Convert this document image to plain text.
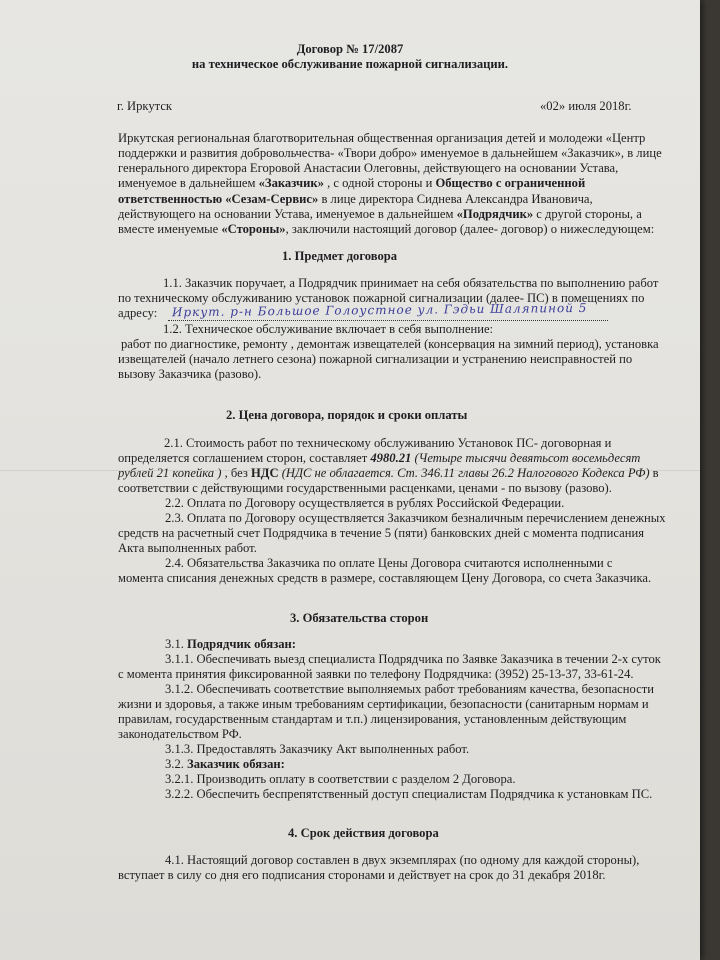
Договор № 17/2087
на техническое обслуживание пожарной сигнализации.
г. Иркутск	«02» июля 2018г.
Иркутская региональная благотворительная общественная организация детей и молодежи «Центр
поддержки и развития добровольчества- «Твори добро» именуемое в дальнейшем «Заказчик», в лице
генерального директора Егоровой Анастасии Олеговны, действующего на основании Устава,
именуемое в дальнейшем «Заказчик» , с одной стороны и Общество с ограниченной
ответственностью «Сезам-Сервис» в лице директора Сиднева Александра Ивановича,
действующего на основании Устава, именуемое в дальнейшем «Подрядчик» с другой стороны, а
вместе именуемые «Стороны», заключили настоящий договор (далее- договор) о нижеследующем:
1. Предмет договора
1.1. Заказчик поручает, а Подрядчик принимает на себя обязательства по выполнению работ
по техническому обслуживанию установок пожарной сигнализации (далее- ПС) в помещениях по
адресу: Иркут. р-н Большое Голоустное ул. Гэдьи Шаляпиной 5
1.2. Техническое обслуживание включает в себя выполнение:
работ по диагностике, ремонту , демонтаж извещателей (консервация на зимний период), установка
извещателей (начало летнего сезона) пожарной сигнализации и устранению неисправностей по
вызову Заказчика (разово).
2. Цена договора, порядок и сроки оплаты
2.1. Стоимость работ по техническому обслуживанию Установок ПС- договорная и
определяется соглашением сторон, составляет 4980.21 (Четыре тысячи девятьсот восемьдесят
рублей 21 копейка ) , без НДС (НДС не облагается. Ст. 346.11 главы 26.2 Налогового Кодекса РФ) в
соответствии с действующими государственными расценками, ценами - по вызову (разово).
2.2. Оплата по Договору осуществляется в рублях Российской Федерации.
2.3. Оплата по Договору осуществляется Заказчиком безналичным перечислением денежных
средств на расчетный счет Подрядчика в течение 5 (пяти) банковских дней с момента подписания
Акта выполненных работ.
2.4. Обязательства Заказчика по оплате Цены Договора считаются исполненными с
момента списания денежных средств в размере, составляющем Цену Договора, со счета Заказчика.
3. Обязательства сторон
3.1. Подрядчик обязан:
3.1.1. Обеспечивать выезд специалиста Подрядчика по Заявке Заказчика в течении 2-х суток
с момента принятия фиксированной заявки по телефону Подрядчика: (3952) 25-13-37, 33-61-24.
3.1.2. Обеспечивать соответствие выполняемых работ требованиям качества, безопасности
жизни и здоровья, а также иным требованиям сертификации, безопасности (санитарным нормам и
правилам, государственным стандартам и т.п.) лицензирования, установленным действующим
законодательством РФ.
3.1.3. Предоставлять Заказчику Акт выполненных работ.
3.2. Заказчик обязан:
3.2.1. Производить оплату в соответствии с разделом 2 Договора.
3.2.2. Обеспечить беспрепятственный доступ специалистам Подрядчика к установкам ПС.
4. Срок действия договора
4.1. Настоящий договор составлен в двух экземплярах (по одному для каждой стороны),
вступает в силу со дня его подписания сторонами и действует на срок до 31 декабря 2018г.
